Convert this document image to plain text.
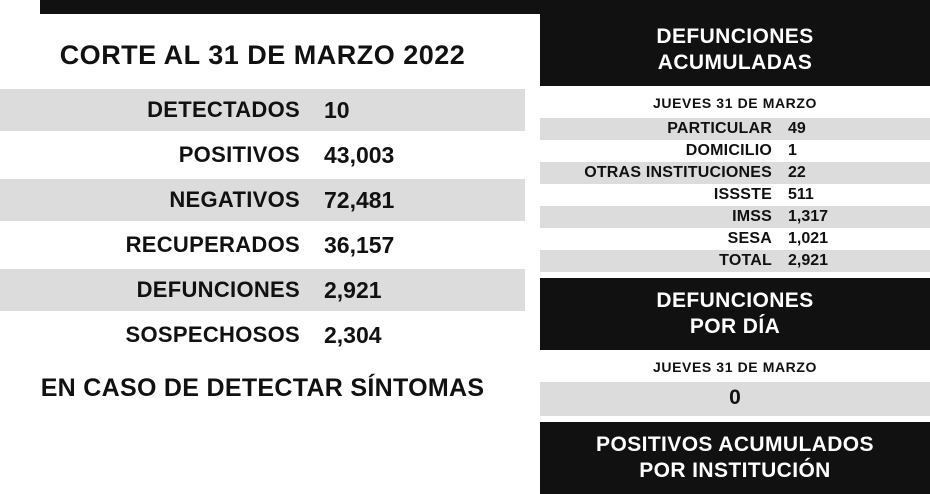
CORTE AL 31 DE MARZO 2022
DETECTADOS	10
POSITIVOS	43,003
NEGATIVOS	72,481
RECUPERADOS	36,157
DEFUNCIONES	2,921
SOSPECHOSOS	2,304
EN CASO DE DETECTAR SÍNTOMAS
DEFUNCIONES
ACUMULADAS
JUEVES 31 DE MARZO
PARTICULAR	49
DOMICILIO	1
OTRAS INSTITUCIONES	22
ISSSTE	511
IMSS	1,317
SESA	1,021
TOTAL	2,921
DEFUNCIONES
POR DÍA
JUEVES 31 DE MARZO
0
POSITIVOS ACUMULADOS
POR INSTITUCIÓN
